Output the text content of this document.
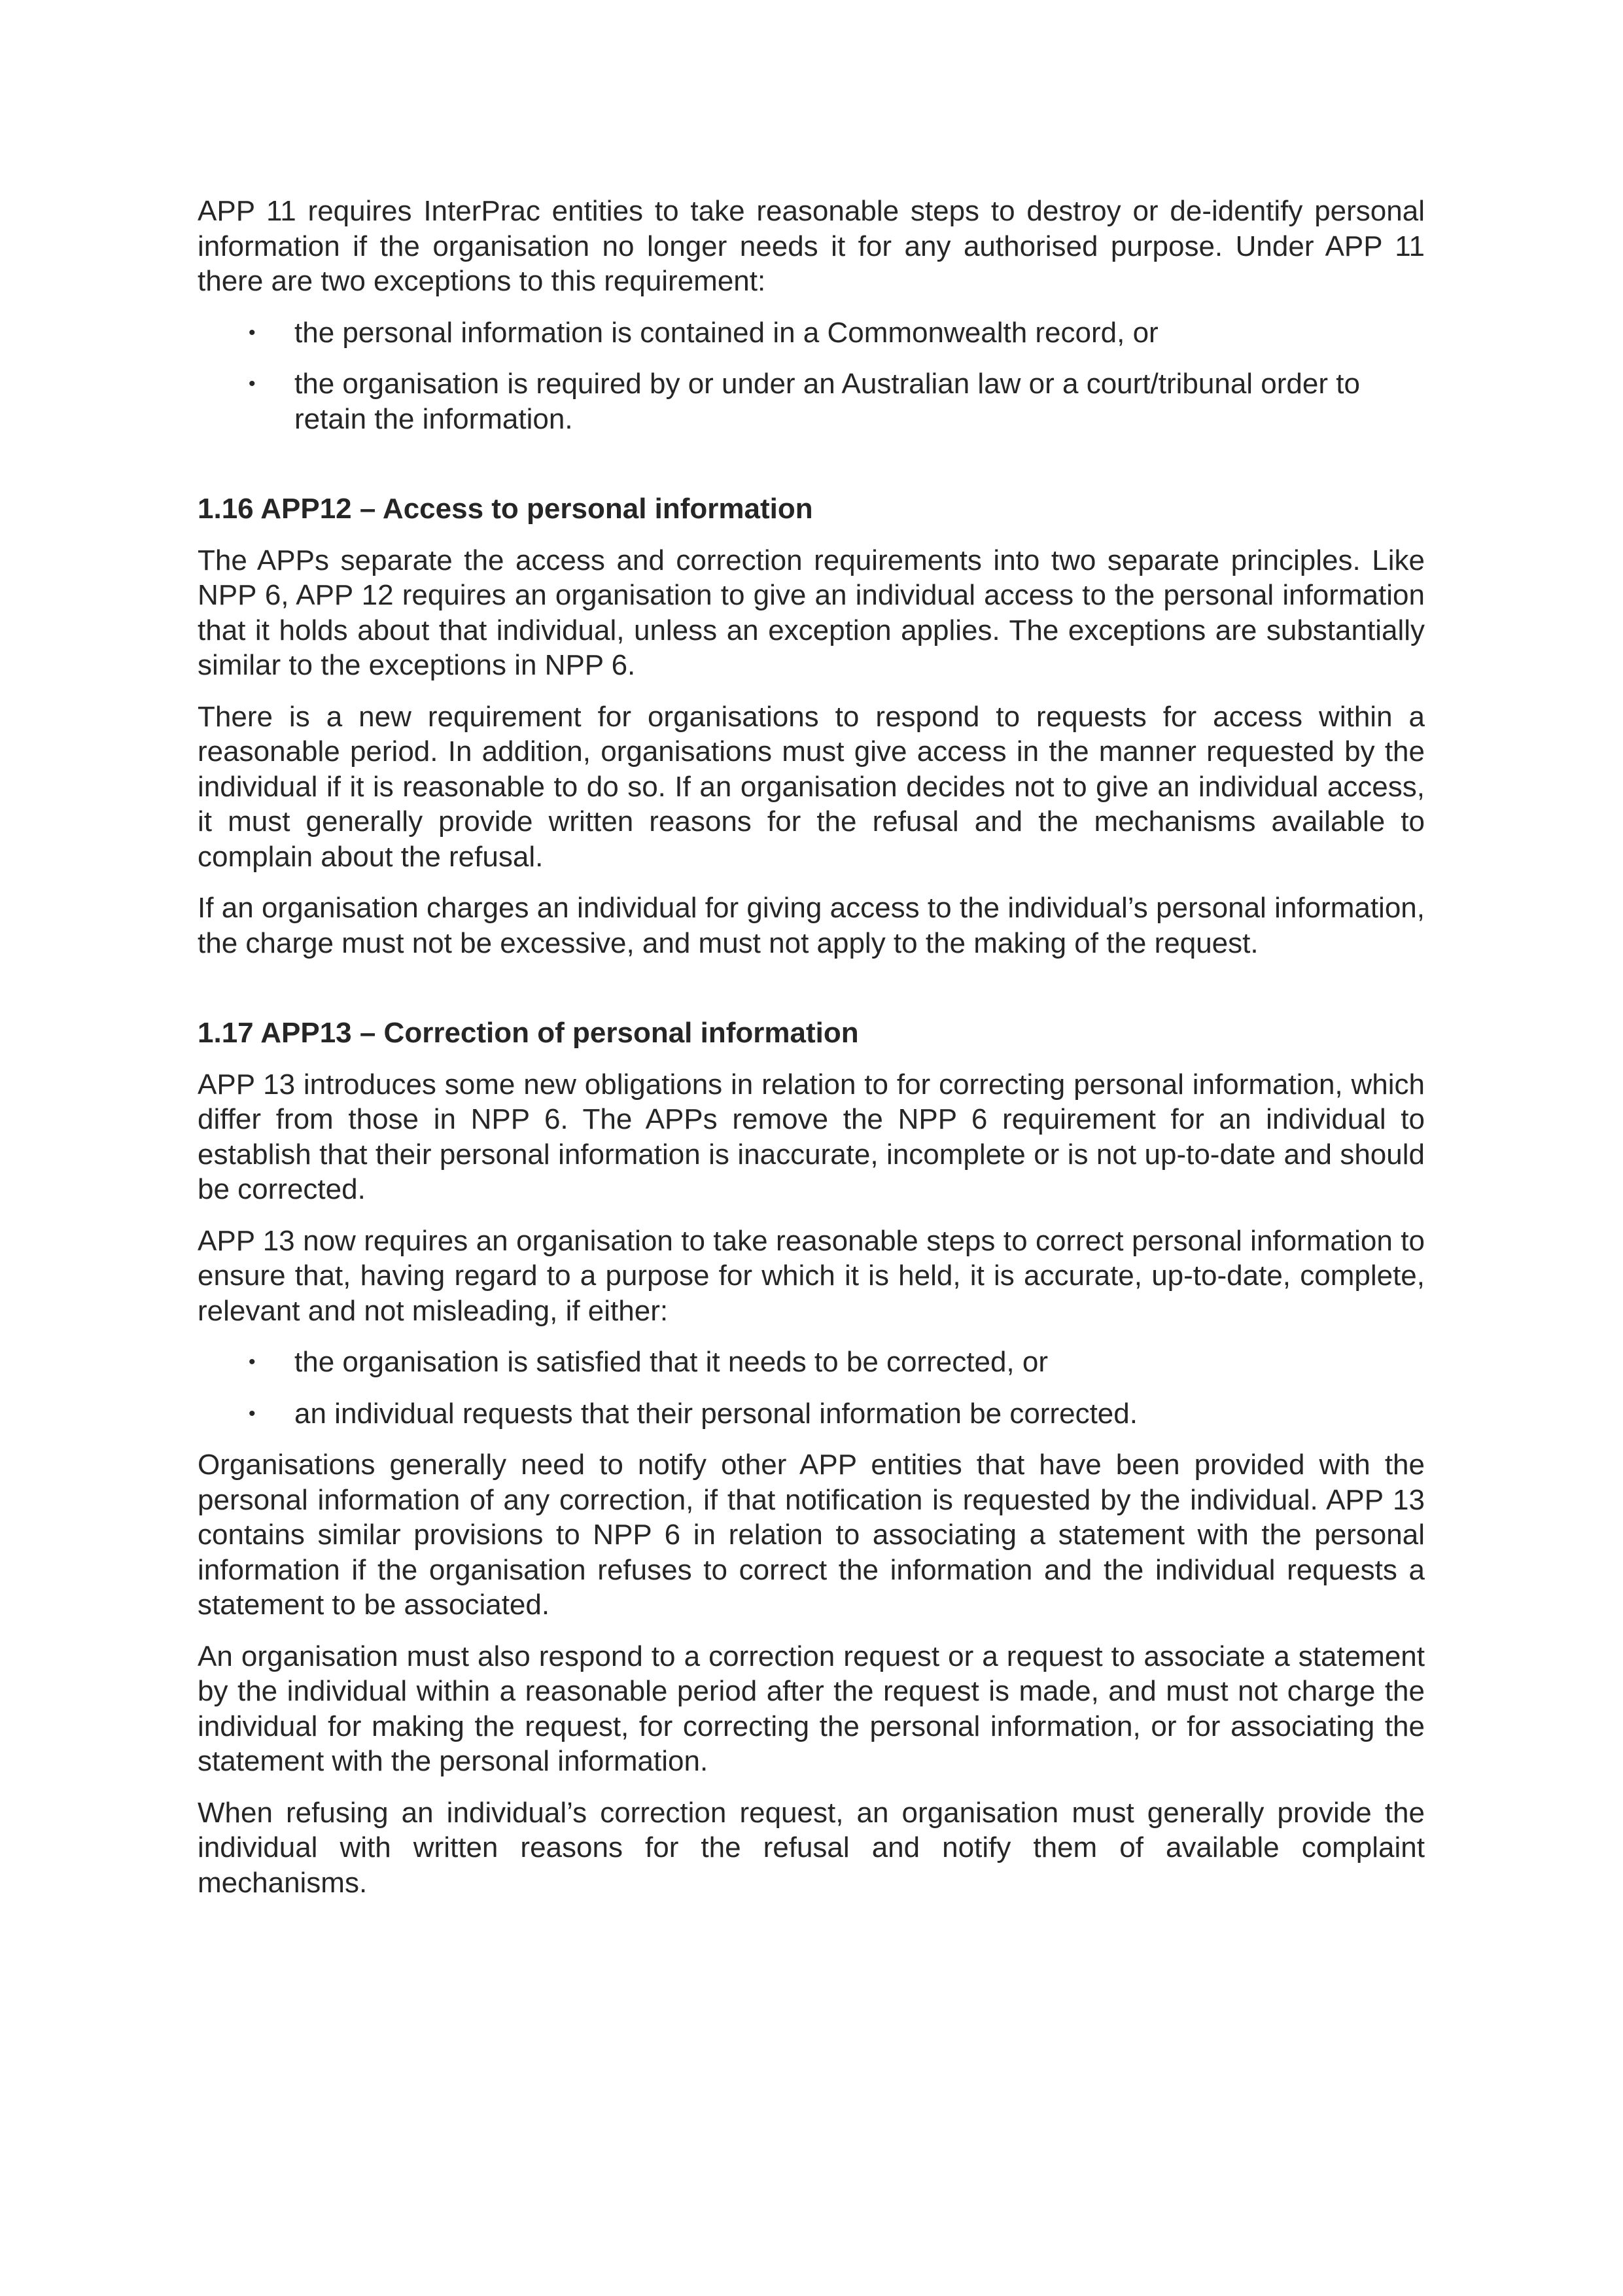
APP 11 requires InterPrac entities to take reasonable steps to destroy or de-identify personal information if the organisation no longer needs it for any authorised purpose. Under APP 11 there are two exceptions to this requirement:

• the personal information is contained in a Commonwealth record, or
• the organisation is required by or under an Australian law or a court/tribunal order to retain the information.
1.16 APP12 – Access to personal information

The APPs separate the access and correction requirements into two separate principles. Like NPP 6, APP 12 requires an organisation to give an individual access to the personal information that it holds about that individual, unless an exception applies. The exceptions are substantially similar to the exceptions in NPP 6.

There is a new requirement for organisations to respond to requests for access within a reasonable period. In addition, organisations must give access in the manner requested by the individual if it is reasonable to do so. If an organisation decides not to give an individual access, it must generally provide written reasons for the refusal and the mechanisms available to complain about the refusal.

If an organisation charges an individual for giving access to the individual’s personal information, the charge must not be excessive, and must not apply to the making of the request.

1.17 APP13 – Correction of personal information

APP 13 introduces some new obligations in relation to for correcting personal information, which differ from those in NPP 6. The APPs remove the NPP 6 requirement for an individual to establish that their personal information is inaccurate, incomplete or is not up-to-date and should be corrected.

APP 13 now requires an organisation to take reasonable steps to correct personal information to ensure that, having regard to a purpose for which it is held, it is accurate, up-to-date, complete, relevant and not misleading, if either:

• the organisation is satisfied that it needs to be corrected, or
• an individual requests that their personal information be corrected.

Organisations generally need to notify other APP entities that have been provided with the personal information of any correction, if that notification is requested by the individual. APP 13 contains similar provisions to NPP 6 in relation to associating a statement with the personal information if the organisation refuses to correct the information and the individual requests a statement to be associated.

An organisation must also respond to a correction request or a request to associate a statement by the individual within a reasonable period after the request is made, and must not charge the individual for making the request, for correcting the personal information, or for associating the statement with the personal information.

When refusing an individual’s correction request, an organisation must generally provide the individual with written reasons for the refusal and notify them of available complaint mechanisms.
